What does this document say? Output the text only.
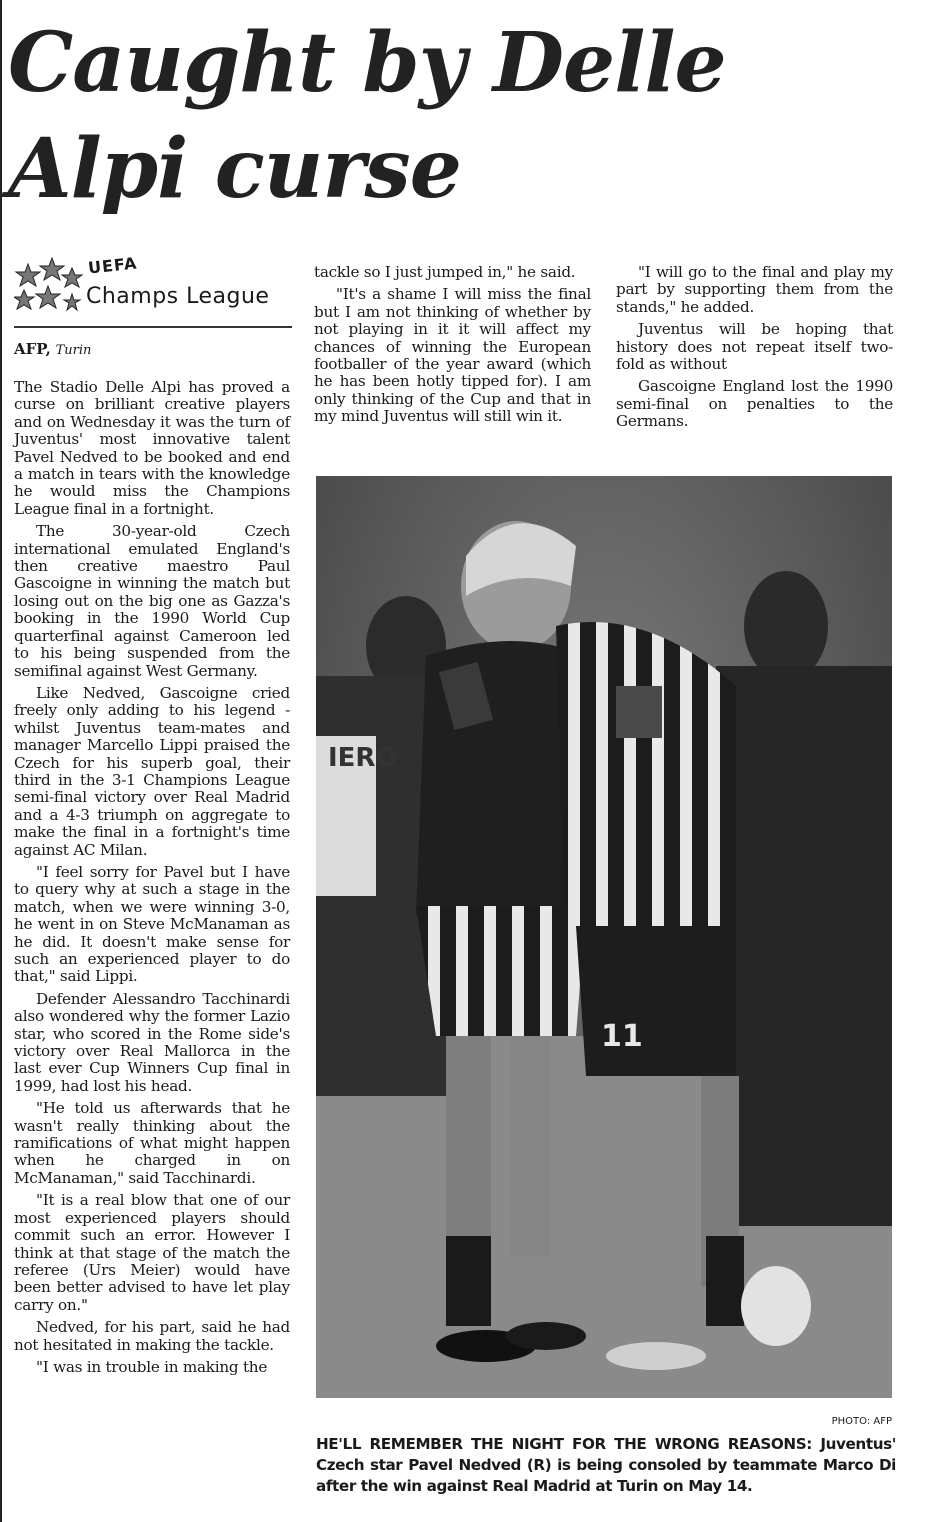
Caught by Delle Alpi curse
UEFA
Champs League
AFP, Turin

The Stadio Delle Alpi has proved a curse on brilliant creative players and on Wednesday it was the turn of Juventus' most innovative talent Pavel Nedved to be booked and end a match in tears with the knowledge he would miss the Champions League final in a fortnight.

The 30-year-old Czech international emulated England's then creative maestro Paul Gascoigne in winning the match but losing out on the big one as Gazza's booking in the 1990 World Cup quarterfinal against Cameroon led to his being suspended from the semifinal against West Germany.

Like Nedved, Gascoigne cried freely only adding to his legend - whilst Juventus team-mates and manager Marcello Lippi praised the Czech for his superb goal, their third in the 3-1 Champions League semi-final victory over Real Madrid and a 4-3 triumph on aggregate to make the final in a fortnight's time against AC Milan.

"I feel sorry for Pavel but I have to query why at such a stage in the match, when we were winning 3-0, he went in on Steve McManaman as he did. It doesn't make sense for such an experienced player to do that," said Lippi.

Defender Alessandro Tacchinardi also wondered why the former Lazio star, who scored in the Rome side's victory over Real Mallorca in the last ever Cup Winners Cup final in 1999, had lost his head.

"He told us afterwards that he wasn't really thinking about the ramifications of what might happen when he charged in on McManaman," said Tacchinardi.

"It is a real blow that one of our most experienced players should commit such an error. However I think at that stage of the match the referee (Urs Meier) would have been better advised to have let play carry on."

Nedved, for his part, said he had not hesitated in making the tackle.

"I was in trouble in making the

tackle so I just jumped in," he said.

"It's a shame I will miss the final but I am not thinking of whether by not playing in it it will affect my chances of winning the European footballer of the year award (which he has been hotly tipped for). I am only thinking of the Cup and that in my mind Juventus will still win it.

"I will go to the final and play my part by supporting them from the stands," he added.

Juventus will be hoping that history does not repeat itself two-fold as without

Gascoigne England lost the 1990 semi-final on penalties to the Germans.

IERO
11
PHOTO: AFP
HE'LL REMEMBER THE NIGHT FOR THE WRONG REASONS: Juventus' Czech star Pavel Nedved (R) is being consoled by teammate Marco Di after the win against Real Madrid at Turin on May 14.
